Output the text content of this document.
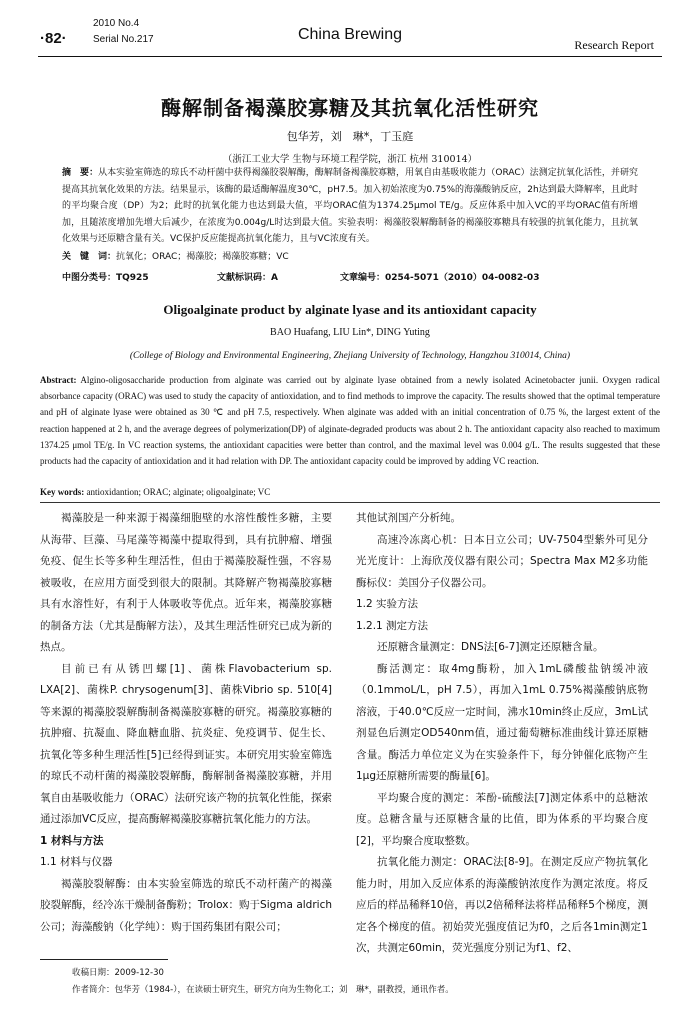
2010 No.4
·82·	Serial No.217	China Brewing
Research Report
酶解制备褐藻胶寡糖及其抗氧化活性研究
包华芳，刘　琳*，丁玉庭
（浙江工业大学 生物与环境工程学院，浙江 杭州 310014）
摘　要：从本实验室筛选的琼氏不动杆菌中获得褐藻胶裂解酶，酶解制备褐藻胶寡糖，用氧自由基吸收能力（ORAC）法测定抗氧化活性，并研究提高其抗氧化效果的方法。结果显示，该酶的最适酶解温度30℃，pH7.5。加入初始浓度为0.75%的海藻酸钠反应，2h达到最大降解率，且此时的平均聚合度（DP）为2；此时的抗氧化能力也达到最大值，平均ORAC值为1374.25μmol TE/g。反应体系中加入VC的平均ORAC值有所增加，且随浓度增加先增大后减少，在浓度为0.004g/L时达到最大值。实验表明：褐藻胶裂解酶制备的褐藻胶寡糖具有较强的抗氧化能力，且抗氧化效果与还原糖含量有关。VC保护反应能提高抗氧化能力，且与VC浓度有关。
关　键　词：抗氧化；ORAC；褐藻胶；褐藻胶寡糖；VC
中图分类号：TQ925	文献标识码：A	文章编号：0254-5071（2010）04-0082-03
Oligoalginate product by alginate lyase and its antioxidant capacity
BAO Huafang, LIU Lin*, DING Yuting
(College of Biology and Environmental Engineering, Zhejiang University of Technology, Hangzhou 310014, China)
Abstract: Algino-oligosaccharide production from alginate was carried out by alginate lyase obtained from a newly isolated Acinetobacter junii. Oxygen radical absorbance capacity (ORAC) was used to study the capacity of antioxidation, and to find methods to improve the capacity. The results showed that the optimal temperature and pH of alginate lyase were obtained as 30 ℃ and pH 7.5, respectively. When alginate was added with an initial concentration of 0.75 %, the largest extent of the reaction happened at 2 h, and the average degrees of polymerization(DP) of alginate-degraded products was about 2 h. The antioxidant capacity also reached to maximum 1374.25 μmol TE/g. In VC reaction systems, the antioxidant capacities were better than control, and the maximal level was 0.004 g/L. The results suggested that these products had the capacity of antioxidation and it had relation with DP. The antioxidant capacity could be improved by adding VC reaction.
Key words: antioxidantion; ORAC; alginate; oligoalginate; VC

褐藻胶是一种来源于褐藻细胞壁的水溶性酸性多糖，主要从海带、巨藻、马尾藻等褐藻中提取得到，具有抗肿瘤、增强免疫、促生长等多种生理活性，但由于褐藻胶凝性强，不容易被吸收，在应用方面受到很大的限制。其降解产物褐藻胶寡糖具有水溶性好，有利于人体吸收等优点。近年来，褐藻胶寡糖的制备方法（尤其是酶解方法），及其生理活性研究已成为新的热点。

目前已有从锈凹螺[1]、菌株Flavobacterium sp. LXA[2]、菌株P. chrysogenum[3]、菌株Vibrio sp. 510[4]等来源的褐藻胶裂解酶制备褐藻胶寡糖的研究。褐藻胶寡糖的抗肿瘤、抗凝血、降血糖血脂、抗炎症、免疫调节、促生长、抗氧化等多种生理活性[5]已经得到证实。本研究用实验室筛选的琼氏不动杆菌的褐藻胶裂解酶，酶解制备褐藻胶寡糖，并用氧自由基吸收能力（ORAC）法研究该产物的抗氧化性能，探索通过添加VC反应，提高酶解褐藻胶寡糖抗氧化能力的方法。

1 材料与方法

1.1 材料与仪器

褐藻胶裂解酶：由本实验室筛选的琼氏不动杆菌产的褐藻胶裂解酶，经冷冻干燥制备酶粉；Trolox：购于Sigma aldrich公司；海藻酸钠（化学纯）：购于国药集团有限公司；

其他试剂国产分析纯。

高速冷冻离心机：日本日立公司；UV-7504型紫外可见分光光度计：上海欣茂仪器有限公司；Spectra Max M2多功能酶标仪：美国分子仪器公司。

1.2 实验方法

1.2.1 测定方法

还原糖含量测定：DNS法[6-7]测定还原糖含量。

酶活测定：取4mg酶粉，加入1mL磷酸盐钠缓冲液（0.1mmoL/L，pH 7.5），再加入1mL 0.75%褐藻酸钠底物溶液，于40.0℃反应一定时间，沸水10min终止反应，3mL试剂显色后测定OD540nm值，通过葡萄糖标准曲线计算还原糖含量。酶活力单位定义为在实验条件下，每分钟催化底物产生1μg还原糖所需要的酶量[6]。

平均聚合度的测定：苯酚-硫酸法[7]测定体系中的总糖浓度。总糖含量与还原糖含量的比值，即为体系的平均聚合度[2]，平均聚合度取整数。

抗氧化能力测定：ORAC法[8-9]。在测定反应产物抗氧化能力时，用加入反应体系的海藻酸钠浓度作为测定浓度。将反应后的样品稀释10倍，再以2倍稀释法将样品稀释5个梯度，测定各个梯度的值。初始荧光强度值记为f0，之后各1min测定1次，共测定60min，荧光强度分别记为f1、f2、

收稿日期：2009-12-30
作者简介：包华芳（1984-），在读硕士研究生，研究方向为生物化工；刘　琳*，副教授，通讯作者。
